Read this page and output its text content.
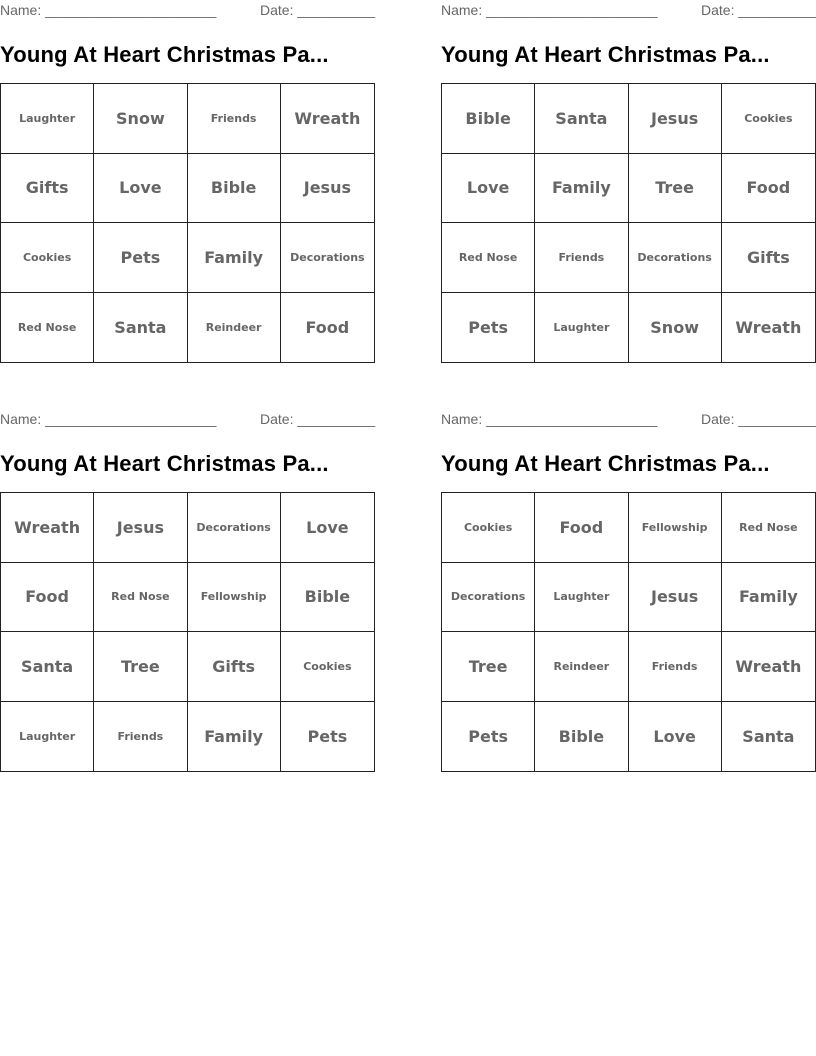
Name: ______________________	Date: __________
Young At Heart Christmas Pa...
Laughter	Snow	Friends	Wreath
Gifts	Love	Bible	Jesus
Cookies	Pets	Family	Decorations
Red Nose	Santa	Reindeer	Food
Name: ______________________	Date: __________
Young At Heart Christmas Pa...
Bible	Santa	Jesus	Cookies
Love	Family	Tree	Food
Red Nose	Friends	Decorations	Gifts
Pets	Laughter	Snow	Wreath
Name: ______________________	Date: __________
Young At Heart Christmas Pa...
Wreath	Jesus	Decorations	Love
Food	Red Nose	Fellowship	Bible
Santa	Tree	Gifts	Cookies
Laughter	Friends	Family	Pets
Name: ______________________	Date: __________
Young At Heart Christmas Pa...
Cookies	Food	Fellowship	Red Nose
Decorations	Laughter	Jesus	Family
Tree	Reindeer	Friends	Wreath
Pets	Bible	Love	Santa
